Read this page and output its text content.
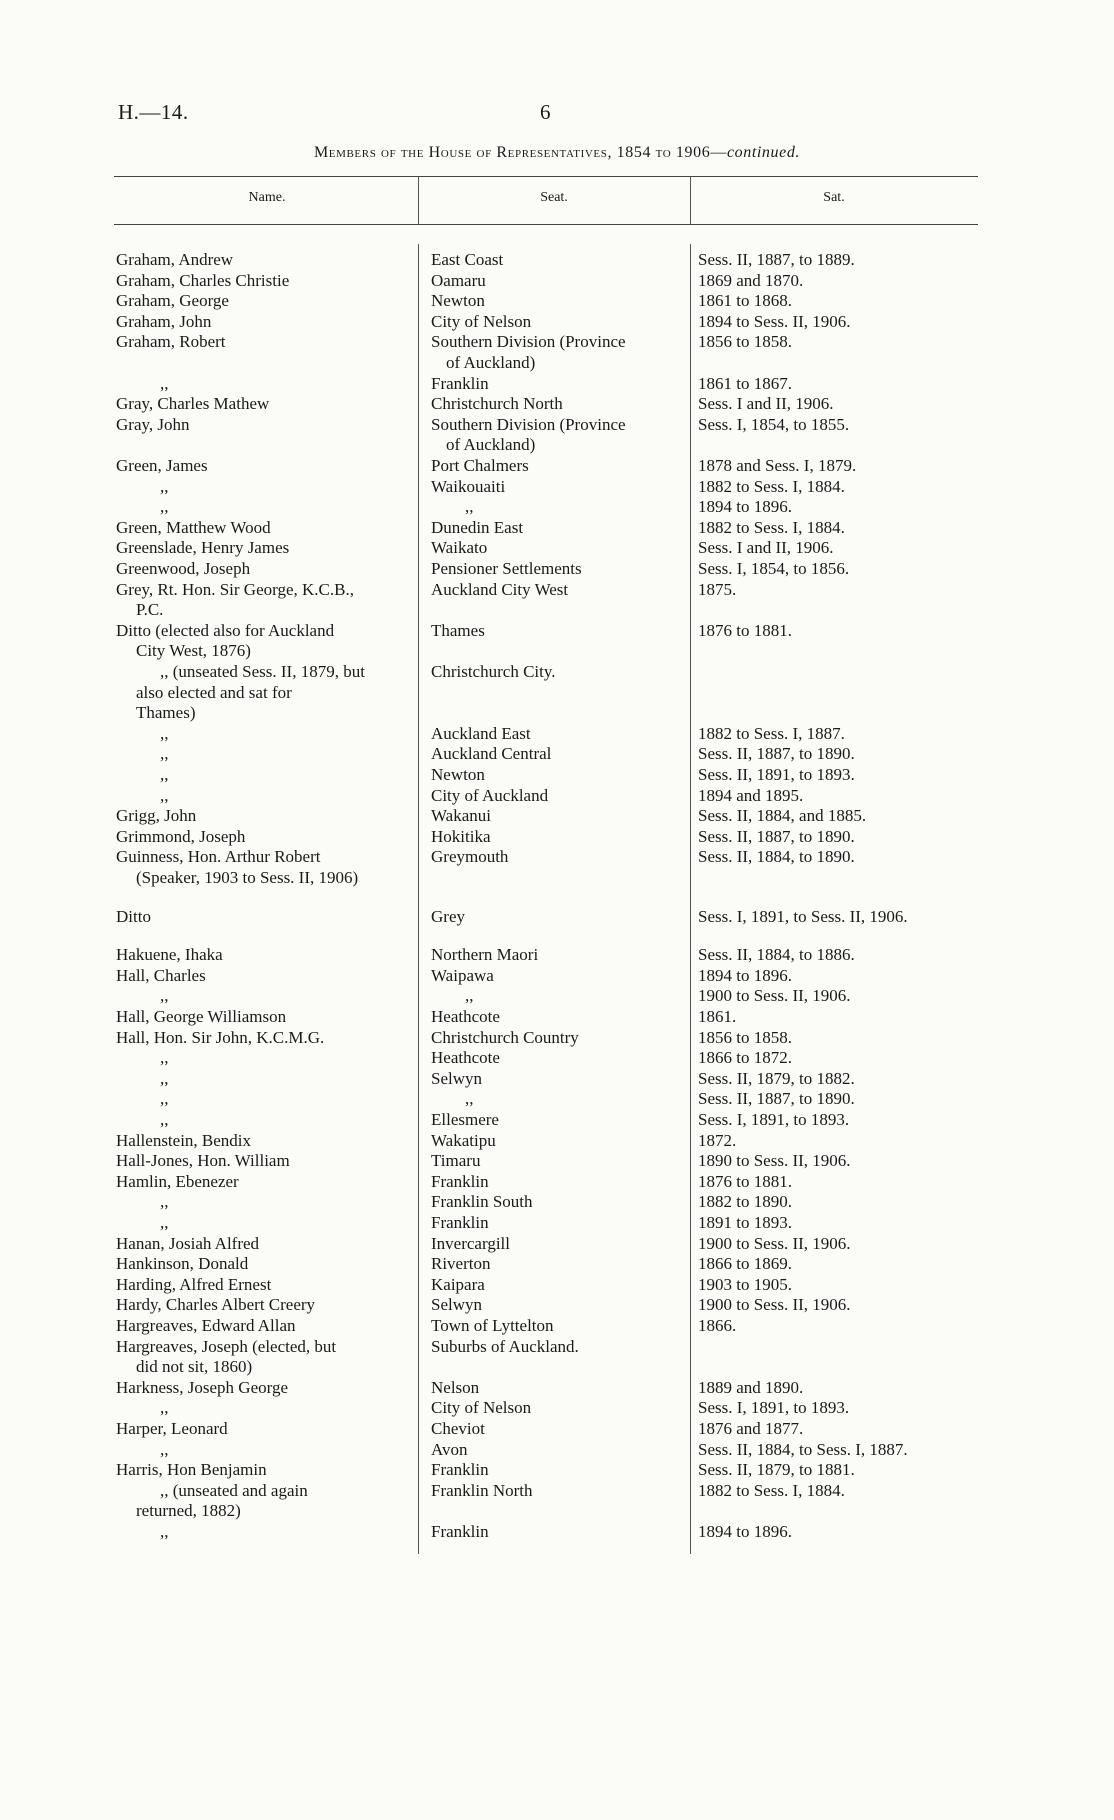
H.—14.	6
Members of the House of Representatives, 1854 to 1906—continued.
Name.	Seat.	Sat.
Graham, Andrew	East Coast	Sess. II, 1887, to 1889.
Graham, Charles Christie	Oamaru	1869 and 1870.
Graham, George	Newton	1861 to 1868.
Graham, John	City of Nelson	1894 to Sess. II, 1906.
Graham, Robert	Southern Division (Province	1856 to 1858.
of Auckland)
,,	Franklin	1861 to 1867.
Gray, Charles Mathew	Christchurch North	Sess. I and II, 1906.
Gray, John	Southern Division (Province	Sess. I, 1854, to 1855.
of Auckland)
Green, James	Port Chalmers	1878 and Sess. I, 1879.
,,	Waikouaiti	1882 to Sess. I, 1884.
,,	,,	1894 to 1896.
Green, Matthew Wood	Dunedin East	1882 to Sess. I, 1884.
Greenslade, Henry James	Waikato	Sess. I and II, 1906.
Greenwood, Joseph	Pensioner Settlements	Sess. I, 1854, to 1856.
Grey, Rt. Hon. Sir George, K.C.B.,	Auckland City West	1875.
P.C.
Ditto (elected also for Auckland	Thames	1876 to 1881.
City West, 1876)
,, (unseated Sess. II, 1879, but	Christchurch City.
also elected and sat for
Thames)
,,	Auckland East	1882 to Sess. I, 1887.
,,	Auckland Central	Sess. II, 1887, to 1890.
,,	Newton	Sess. II, 1891, to 1893.
,,	City of Auckland	1894 and 1895.
Grigg, John	Wakanui	Sess. II, 1884, and 1885.
Grimmond, Joseph	Hokitika	Sess. II, 1887, to 1890.
Guinness, Hon. Arthur Robert	Greymouth	Sess. II, 1884, to 1890.
(Speaker, 1903 to Sess. II, 1906)
Ditto	Grey	Sess. I, 1891, to Sess. II, 1906.
Hakuene, Ihaka	Northern Maori	Sess. II, 1884, to 1886.
Hall, Charles	Waipawa	1894 to 1896.
,,	,,	1900 to Sess. II, 1906.
Hall, George Williamson	Heathcote	1861.
Hall, Hon. Sir John, K.C.M.G.	Christchurch Country	1856 to 1858.
,,	Heathcote	1866 to 1872.
,,	Selwyn	Sess. II, 1879, to 1882.
,,	,,	Sess. II, 1887, to 1890.
,,	Ellesmere	Sess. I, 1891, to 1893.
Hallenstein, Bendix	Wakatipu	1872.
Hall-Jones, Hon. William	Timaru	1890 to Sess. II, 1906.
Hamlin, Ebenezer	Franklin	1876 to 1881.
,,	Franklin South	1882 to 1890.
,,	Franklin	1891 to 1893.
Hanan, Josiah Alfred	Invercargill	1900 to Sess. II, 1906.
Hankinson, Donald	Riverton	1866 to 1869.
Harding, Alfred Ernest	Kaipara	1903 to 1905.
Hardy, Charles Albert Creery	Selwyn	1900 to Sess. II, 1906.
Hargreaves, Edward Allan	Town of Lyttelton	1866.
Hargreaves, Joseph (elected, but	Suburbs of Auckland.
did not sit, 1860)
Harkness, Joseph George	Nelson	1889 and 1890.
,,	City of Nelson	Sess. I, 1891, to 1893.
Harper, Leonard	Cheviot	1876 and 1877.
,,	Avon	Sess. II, 1884, to Sess. I, 1887.
Harris, Hon Benjamin	Franklin	Sess. II, 1879, to 1881.
,, (unseated and again	Franklin North	1882 to Sess. I, 1884.
returned, 1882)
,,	Franklin	1894 to 1896.
